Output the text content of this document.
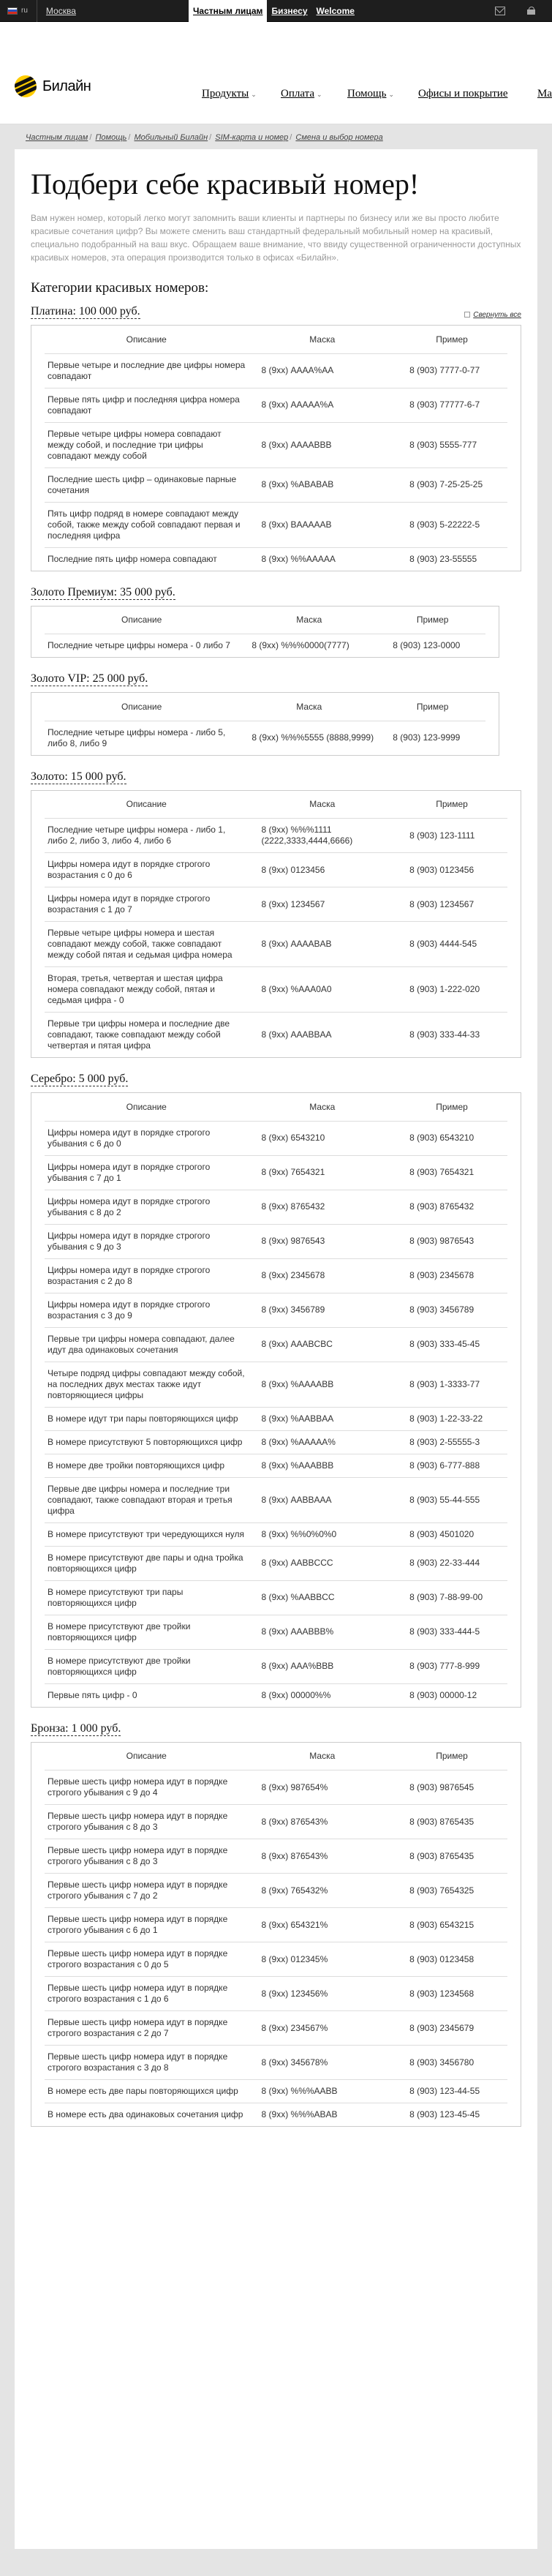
ru Москва	Частным лицам	Бизнесу	Welcome
Билайн	Продукты ⌄ Оплата ⌄ Помощь ⌄ Офисы и покрытие	Ма
Частным лицам / Помощь / Мобильный Билайн / SIM-карта и номер / Смена и выбор номера
Подбери себе красивый номер!

Вам нужен номер, который легко могут запомнить ваши клиенты и партнеры по бизнесу или же вы просто любите красивые сочетания цифр? Вы можете сменить ваш стандартный федеральный мобильный номер на красивый, специально подобранный на ваш вкус. Обращаем ваше внимание, что ввиду существенной ограниченности доступных красивых номеров, эта операция производится только в офисах «Билайн».

Категории красивых номеров:
Платина: 100 000 руб.	Свернуть все
Описание	Маска	Пример
Первые четыре и последние две цифры номера совпадают	8 (9хх) AAAA%AA	8 (903) 7777-0-77
Первые пять цифр и последняя цифра номера совпадают	8 (9хх) AAAAA%A	8 (903) 77777-6-7
Первые четыре цифры номера совпадают между собой, и последние три цифры совпадают между собой	8 (9хх) AAAABBB	8 (903) 5555-777
Последние шесть цифр – одинаковые парные сочетания	8 (9хх) %ABABAB	8 (903) 7-25-25-25
Пять цифр подряд в номере совпадают между собой, также между собой совпадают первая и последняя цифра	8 (9хх) BAAAAAB	8 (903) 5-22222-5
Последние пять цифр номера совпадают	8 (9хх) %%AAAAA	8 (903) 23-55555
Золото Премиум: 35 000 руб.
Описание	Маска	Пример
Последние четыре цифры номера - 0 либо 7	8 (9хх) %%%0000(7777)	8 (903) 123-0000
Золото VIP: 25 000 руб.
Описание	Маска	Пример
Последние четыре цифры номера - либо 5, либо 8, либо 9	8 (9хх) %%%5555 (8888,9999)	8 (903) 123-9999
Золото: 15 000 руб.
Описание	Маска	Пример
Последние четыре цифры номера - либо 1, либо 2, либо 3, либо 4, либо 6	8 (9хх) %%%1111 (2222,3333,4444,6666)	8 (903) 123-1111
Цифры номера идут в порядке строгого возрастания с 0 до 6	8 (9хх) 0123456	8 (903) 0123456
Цифры номера идут в порядке строгого возрастания с 1 до 7	8 (9хх) 1234567	8 (903) 1234567
Первые четыре цифры номера и шестая совпадают между собой, также совпадают между собой пятая и седьмая цифра номера	8 (9хх) AAAABAB	8 (903) 4444-545
Вторая, третья, четвертая и шестая цифра номера совпадают между собой, пятая и седьмая цифра - 0	8 (9хх) %AAA0A0	8 (903) 1-222-020
Первые три цифры номера и последние две совпадают, также совпадают между собой четвертая и пятая цифра	8 (9хх) AAABBAA	8 (903) 333-44-33
Серебро: 5 000 руб.
Описание	Маска	Пример
Цифры номера идут в порядке строгого убывания с 6 до 0	8 (9хх) 6543210	8 (903) 6543210
Цифры номера идут в порядке строгого убывания с 7 до 1	8 (9хх) 7654321	8 (903) 7654321
Цифры номера идут в порядке строгого убывания с 8 до 2	8 (9хх) 8765432	8 (903) 8765432
Цифры номера идут в порядке строгого убывания с 9 до 3	8 (9хх) 9876543	8 (903) 9876543
Цифры номера идут в порядке строгого возрастания с 2 до 8	8 (9хх) 2345678	8 (903) 2345678
Цифры номера идут в порядке строгого возрастания с 3 до 9	8 (9хх) 3456789	8 (903) 3456789
Первые три цифры номера совпадают, далее идут два одинаковых сочетания	8 (9хх) AAABCBC	8 (903) 333-45-45
Четыре подряд цифры совпадают между собой, на последних двух местах также идут повторяющиеся цифры	8 (9хх) %AAAABB	8 (903) 1-3333-77
В номере идут три пары повторяющихся цифр	8 (9хх) %AABBAA	8 (903) 1-22-33-22
В номере присутствуют 5 повторяющихся цифр	8 (9хх) %AAAAA%	8 (903) 2-55555-3
В номере две тройки повторяющихся цифр	8 (9хх) %AAABBB	8 (903) 6-777-888
Первые две цифры номера и последние три совпадают, также совпадают вторая и третья цифра	8 (9хх) AABBAAA	8 (903) 55-44-555
В номере присутствуют три чередующихся нуля	8 (9хх) %%0%0%0	8 (903) 4501020
В номере присутствуют две пары и одна тройка повторяющихся цифр	8 (9хх) AABBCCC	8 (903) 22-33-444
В номере присутствуют три пары повторяющихся цифр	8 (9хх) %AABBCC	8 (903) 7-88-99-00
В номере присутствуют две тройки повторяющихся цифр	8 (9хх) AAABBB%	8 (903) 333-444-5
В номере присутствуют две тройки повторяющихся цифр	8 (9хх) AAA%BBB	8 (903) 777-8-999
Первые пять цифр - 0	8 (9хх) 00000%%	8 (903) 00000-12
Бронза: 1 000 руб.
Описание	Маска	Пример
Первые шесть цифр номера идут в порядке строгого убывания с 9 до 4	8 (9хх) 987654%	8 (903) 9876545
Первые шесть цифр номера идут в порядке строгого убывания с 8 до 3	8 (9хх) 876543%	8 (903) 8765435
Первые шесть цифр номера идут в порядке строгого убывания с 8 до 3	8 (9хх) 876543%	8 (903) 8765435
Первые шесть цифр номера идут в порядке строгого убывания с 7 до 2	8 (9хх) 765432%	8 (903) 7654325
Первые шесть цифр номера идут в порядке строгого убывания с 6 до 1	8 (9хх) 654321%	8 (903) 6543215
Первые шесть цифр номера идут в порядке строгого возрастания с 0 до 5	8 (9хх) 012345%	8 (903) 0123458
Первые шесть цифр номера идут в порядке строгого возрастания с 1 до 6	8 (9хх) 123456%	8 (903) 1234568
Первые шесть цифр номера идут в порядке строгого возрастания с 2 до 7	8 (9хх) 234567%	8 (903) 2345679
Первые шесть цифр номера идут в порядке строгого возрастания с 3 до 8	8 (9хх) 345678%	8 (903) 3456780
В номере есть две пары повторяющихся цифр	8 (9хх) %%%AABB	8 (903) 123-44-55
В номере есть два одинаковых сочетания цифр	8 (9хх) %%%ABAB	8 (903) 123-45-45
